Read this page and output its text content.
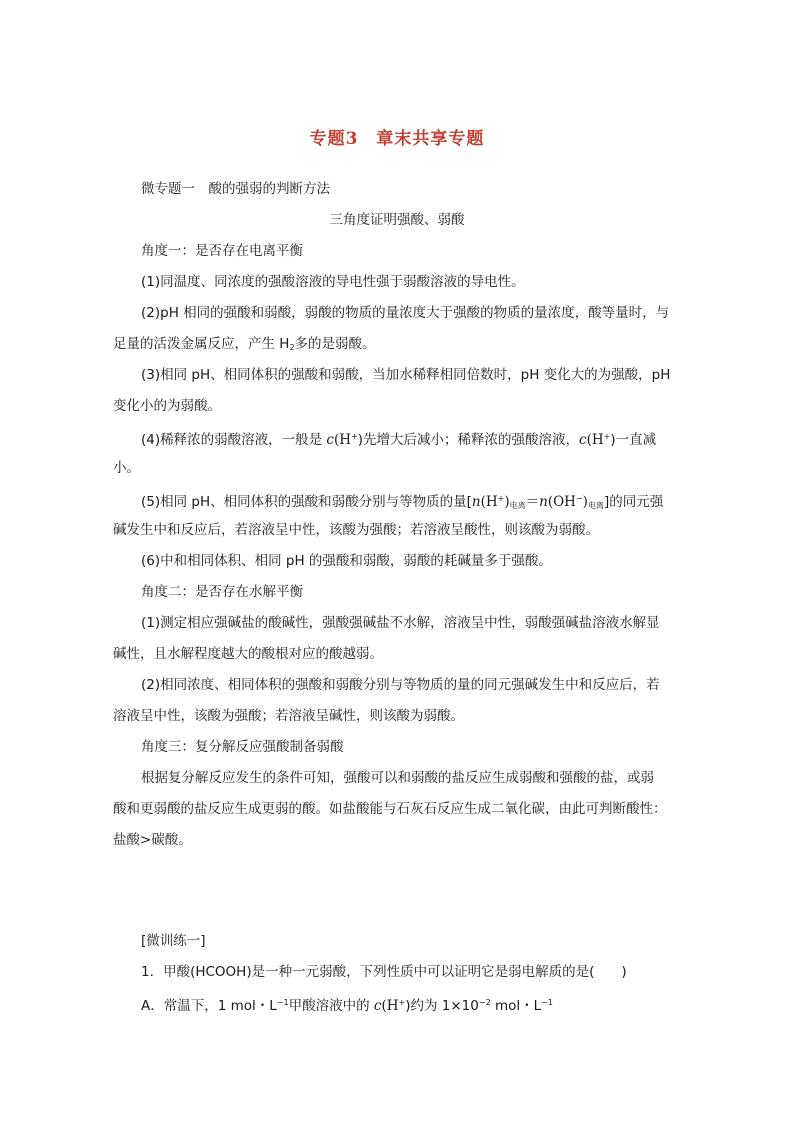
专题3　章末共享专题
微专题一　酸的强弱的判断方法
三角度证明强酸、弱酸
角度一：是否存在电离平衡
(1)同温度、同浓度的强酸溶液的导电性强于弱酸溶液的导电性。
(2)pH 相同的强酸和弱酸，弱酸的物质的量浓度大于强酸的物质的量浓度，酸等量时，与
足量的活泼金属反应，产生 $H_2$多的是弱酸。
(3)相同 pH、相同体积的强酸和弱酸，当加水稀释相同倍数时，pH 变化大的为强酸，pH
变化小的为弱酸。
(4)稀释浓的弱酸溶液，一般是 c(H+)先增大后减小；稀释浓的强酸溶液，c(H+)一直减
小。
(5)相同 pH、相同体积的强酸和弱酸分别与等物质的量$[n(H^+)_{电离}=n(OH^-)_{电离}]$的同元强
碱发生中和反应后，若溶液呈中性，该酸为强酸；若溶液呈酸性，则该酸为弱酸。
(6)中和相同体积、相同 pH 的强酸和弱酸，弱酸的耗碱量多于强酸。
角度二：是否存在水解平衡
(1)测定相应强碱盐的酸碱性，强酸强碱盐不水解，溶液呈中性，弱酸强碱盐溶液水解显
碱性，且水解程度越大的酸根对应的酸越弱。
(2)相同浓度、相同体积的强酸和弱酸分别与等物质的量的同元强碱发生中和反应后，若
溶液呈中性，该酸为强酸；若溶液呈碱性，则该酸为弱酸。
角度三：复分解反应强酸制备弱酸
根据复分解反应发生的条件可知，强酸可以和弱酸的盐反应生成弱酸和强酸的盐，或弱
酸和更弱酸的盐反应生成更弱的酸。如盐酸能与石灰石反应生成二氧化碳，由此可判断酸性：
盐酸>碳酸。
[微训练一]
1．甲酸(HCOOH)是一种一元弱酸，下列性质中可以证明它是弱电解质的是(　　)
A．常温下，1 mol・$L^{-1}$甲酸溶液中的 c(H+)约为 $1\times 10^{-2}$ mol・$L^{-1}$
